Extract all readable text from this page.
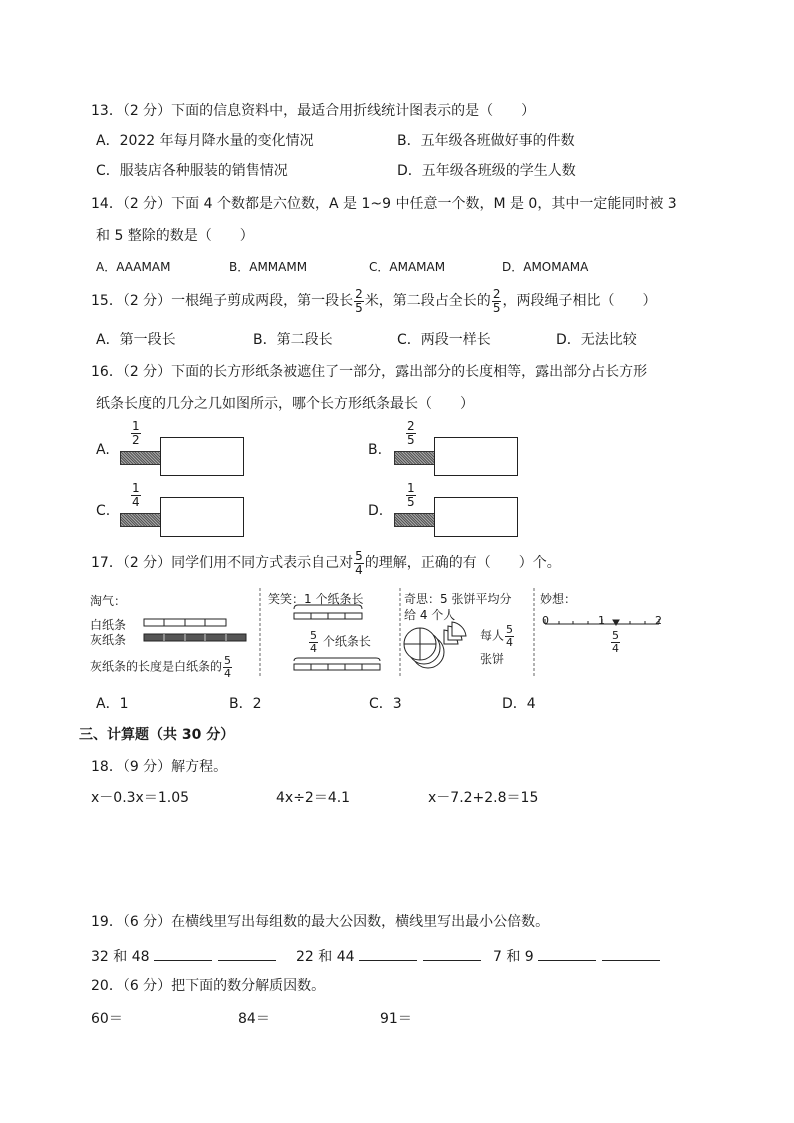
13．（2 分）下面的信息资料中，最适合用折线统计图表示的是（　　）
A．2022 年每月降水量的变化情况	B．五年级各班做好事的件数
C．服装店各种服装的销售情况	D．五年级各班级的学生人数
14．（2 分）下面 4 个数都是六位数，A 是 1~9 中任意一个数，M 是 0，其中一定能同时被 3
和 5 整除的数是（　　）
A．AAAMAM	B．AMMAMM	C．AMAMAM	D．AMOMAMA
15．（2 分）一根绳子剪成两段，第一段长 $\frac{2}{5}$ 米，第二段占全长的 $\frac{2}{5}$ ，两段绳子相比（　　）
A．第一段长	B．第二段长	C．两段一样长	D．无法比较
16．（2 分）下面的长方形纸条被遮住了一部分，露出部分的长度相等，露出部分占长方形
纸条长度的几分之几如图所示，哪个长方形纸条最长（　　）
A.
$\frac{1}{2}$
B.
$\frac{2}{5}$
C.
$\frac{1}{4}$
D.
$\frac{1}{5}$
17．（2 分）同学们用不同方式表示自己对 $\frac{5}{4}$ 的理解，正确的有（　　）个。
淘气：
白纸条
灰纸条
灰纸条的长度是白纸条的 $\frac{5}{4}$
笑笑：1 个纸条长
$\frac{5}{4}$ 个纸条长
奇思：5 张饼平均分
给 4 个人
每人 $\frac{5}{4}$
张饼
妙想：
0	1	2
$\frac{5}{4}$
A．1	B．2	C．3	D．4
三、计算题（共 30 分）
18．（9 分）解方程。
x－0.3x＝1.05	4x÷2＝4.1	x－7.2+2.8＝15
19．（6 分）在横线里写出每组数的最大公因数，横线里写出最小公倍数。
32 和 48	22 和 44	7 和 9
20．（6 分）把下面的数分解质因数。
60＝	84＝	91＝
